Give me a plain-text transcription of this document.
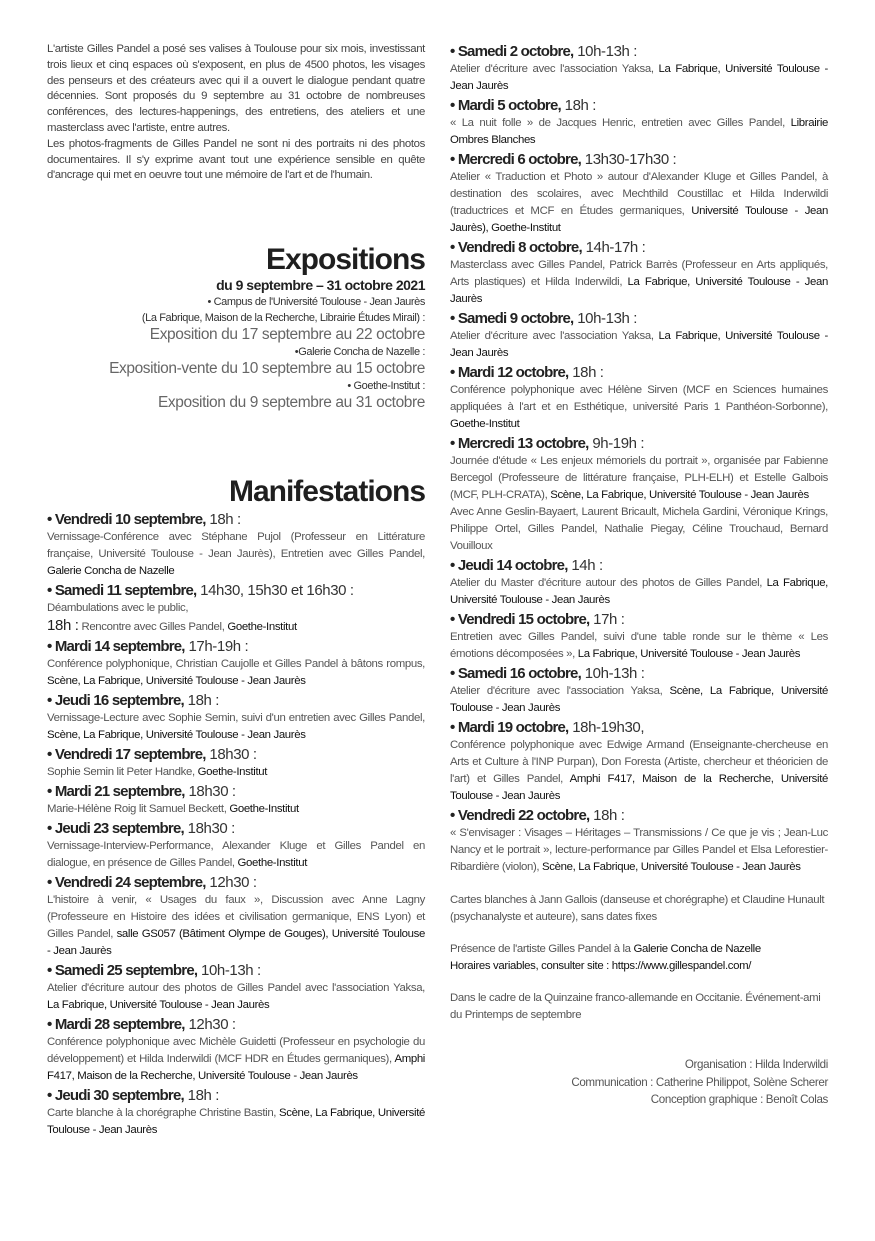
L'artiste Gilles Pandel a posé ses valises à Toulouse pour six mois, investissant trois lieux et cinq espaces où s'exposent, en plus de 4500 photos, les visages des penseurs et des créateurs avec qui il a ouvert le dialogue pendant quatre décennies. Sont proposés du 9 septembre au 31 octobre de nombreuses conférences, des lectures-happenings, des entretiens, des ateliers et une masterclass avec l'artiste, entre autres.

Les photos-fragments de Gilles Pandel ne sont ni des portraits ni des photos documentaires. Il s'y exprime avant tout une expérience sensible en quête d'ancrage qui met en oeuvre tout une mémoire de l'art et de l'humain.

Expositions
du 9 septembre – 31 octobre 2021
• Campus de l'Université Toulouse - Jean Jaurès
(La Fabrique, Maison de la Recherche, Librairie Études Mirail) :
Exposition du 17 septembre au 22 octobre
•Galerie Concha de Nazelle :
Exposition-vente du 10 septembre au 15 octobre
• Goethe-Institut :
Exposition du 9 septembre au 31 octobre
Manifestations
• Vendredi 10 septembre, 18h :
Vernissage-Conférence avec Stéphane Pujol (Professeur en Littérature française, Université Toulouse - Jean Jaurès), Entretien avec Gilles Pandel, Galerie Concha de Nazelle
• Samedi 11 septembre, 14h30, 15h30 et 16h30 :
Déambulations avec le public,
18h : Rencontre avec Gilles Pandel, Goethe-Institut
• Mardi 14 septembre, 17h-19h :
Conférence polyphonique, Christian Caujolle et Gilles Pandel à bâtons rompus, Scène, La Fabrique, Université Toulouse - Jean Jaurès
• Jeudi 16 septembre, 18h :
Vernissage-Lecture avec Sophie Semin, suivi d'un entretien avec Gilles Pandel, Scène, La Fabrique, Université Toulouse - Jean Jaurès
• Vendredi 17 septembre, 18h30 :
Sophie Semin lit Peter Handke, Goethe-Institut
• Mardi 21 septembre, 18h30 :
Marie-Hélène Roig lit Samuel Beckett, Goethe-Institut
• Jeudi 23 septembre, 18h30 :
Vernissage-Interview-Performance, Alexander Kluge et Gilles Pandel en dialogue, en présence de Gilles Pandel, Goethe-Institut
• Vendredi 24 septembre, 12h30 :
L'histoire à venir, « Usages du faux », Discussion avec Anne Lagny (Professeure en Histoire des idées et civilisation germanique, ENS Lyon) et Gilles Pandel, salle GS057 (Bâtiment Olympe de Gouges), Université Toulouse - Jean Jaurès
• Samedi 25 septembre, 10h-13h :
Atelier d'écriture autour des photos de Gilles Pandel avec l'association Yaksa, La Fabrique, Université Toulouse - Jean Jaurès
• Mardi 28 septembre, 12h30 :
Conférence polyphonique avec Michèle Guidetti (Professeur en psychologie du développement) et Hilda Inderwildi (MCF HDR en Études germaniques), Amphi F417, Maison de la Recherche, Université Toulouse - Jean Jaurès
• Jeudi 30 septembre, 18h :
Carte blanche à la chorégraphe Christine Bastin, Scène, La Fabrique, Université Toulouse - Jean Jaurès
• Samedi 2 octobre, 10h-13h :
Atelier d'écriture avec l'association Yaksa, La Fabrique, Université Toulouse - Jean Jaurès
• Mardi 5 octobre, 18h :
« La nuit folle » de Jacques Henric, entretien avec Gilles Pandel, Librairie Ombres Blanches
• Mercredi 6 octobre, 13h30-17h30 :
Atelier « Traduction et Photo » autour d'Alexander Kluge et Gilles Pandel, à destination des scolaires, avec Mechthild Coustillac et Hilda Inderwildi (traductrices et MCF en Études germaniques, Université Toulouse - Jean Jaurès), Goethe-Institut
• Vendredi 8 octobre, 14h-17h :
Masterclass avec Gilles Pandel, Patrick Barrès (Professeur en Arts appliqués, Arts plastiques) et Hilda Inderwildi, La Fabrique, Université Toulouse - Jean Jaurès
• Samedi 9 octobre, 10h-13h :
Atelier d'écriture avec l'association Yaksa, La Fabrique, Université Toulouse - Jean Jaurès
• Mardi 12 octobre, 18h :
Conférence polyphonique avec Hélène Sirven (MCF en Sciences humaines appliquées à l'art et en Esthétique, université Paris 1 Panthéon-Sorbonne), Goethe-Institut
• Mercredi 13 octobre, 9h-19h :
Journée d'étude « Les enjeux mémoriels du portrait », organisée par Fabienne Bercegol (Professeure de littérature française, PLH-ELH) et Estelle Galbois (MCF, PLH-CRATA), Scène, La Fabrique, Université Toulouse - Jean Jaurès
Avec Anne Geslin-Bayaert, Laurent Bricault, Michela Gardini, Véronique Krings, Philippe Ortel, Gilles Pandel, Nathalie Piegay, Céline Trouchaud, Bernard Vouilloux
• Jeudi 14 octobre, 14h :
Atelier du Master d'écriture autour des photos de Gilles Pandel, La Fabrique, Université Toulouse - Jean Jaurès
• Vendredi 15 octobre, 17h :
Entretien avec Gilles Pandel, suivi d'une table ronde sur le thème « Les émotions décomposées », La Fabrique, Université Toulouse - Jean Jaurès
• Samedi 16 octobre, 10h-13h :
Atelier d'écriture avec l'association Yaksa, Scène, La Fabrique, Université Toulouse - Jean Jaurès
• Mardi 19 octobre, 18h-19h30,
Conférence polyphonique avec Edwige Armand (Enseignante-chercheuse en Arts et Culture à l'INP Purpan), Don Foresta (Artiste, chercheur et théoricien de l'art) et Gilles Pandel, Amphi F417, Maison de la Recherche, Université Toulouse - Jean Jaurès
• Vendredi 22 octobre, 18h :
« S'envisager : Visages – Héritages – Transmissions / Ce que je vis ; Jean-Luc Nancy et le portrait », lecture-performance par Gilles Pandel et Elsa Leforestier-Ribardière (violon), Scène, La Fabrique, Université Toulouse - Jean Jaurès
Cartes blanches à Jann Gallois (danseuse et chorégraphe) et Claudine Hunault (psychanalyste et auteure), sans dates fixes
Présence de l'artiste Gilles Pandel à la Galerie Concha de Nazelle
Horaires variables, consulter site : https://www.gillespandel.com/
Dans le cadre de la Quinzaine franco-allemande en Occitanie. Événement-ami du Printemps de septembre
Organisation : Hilda Inderwildi
Communication : Catherine Philippot, Solène Scherer
Conception graphique : Benoît Colas
